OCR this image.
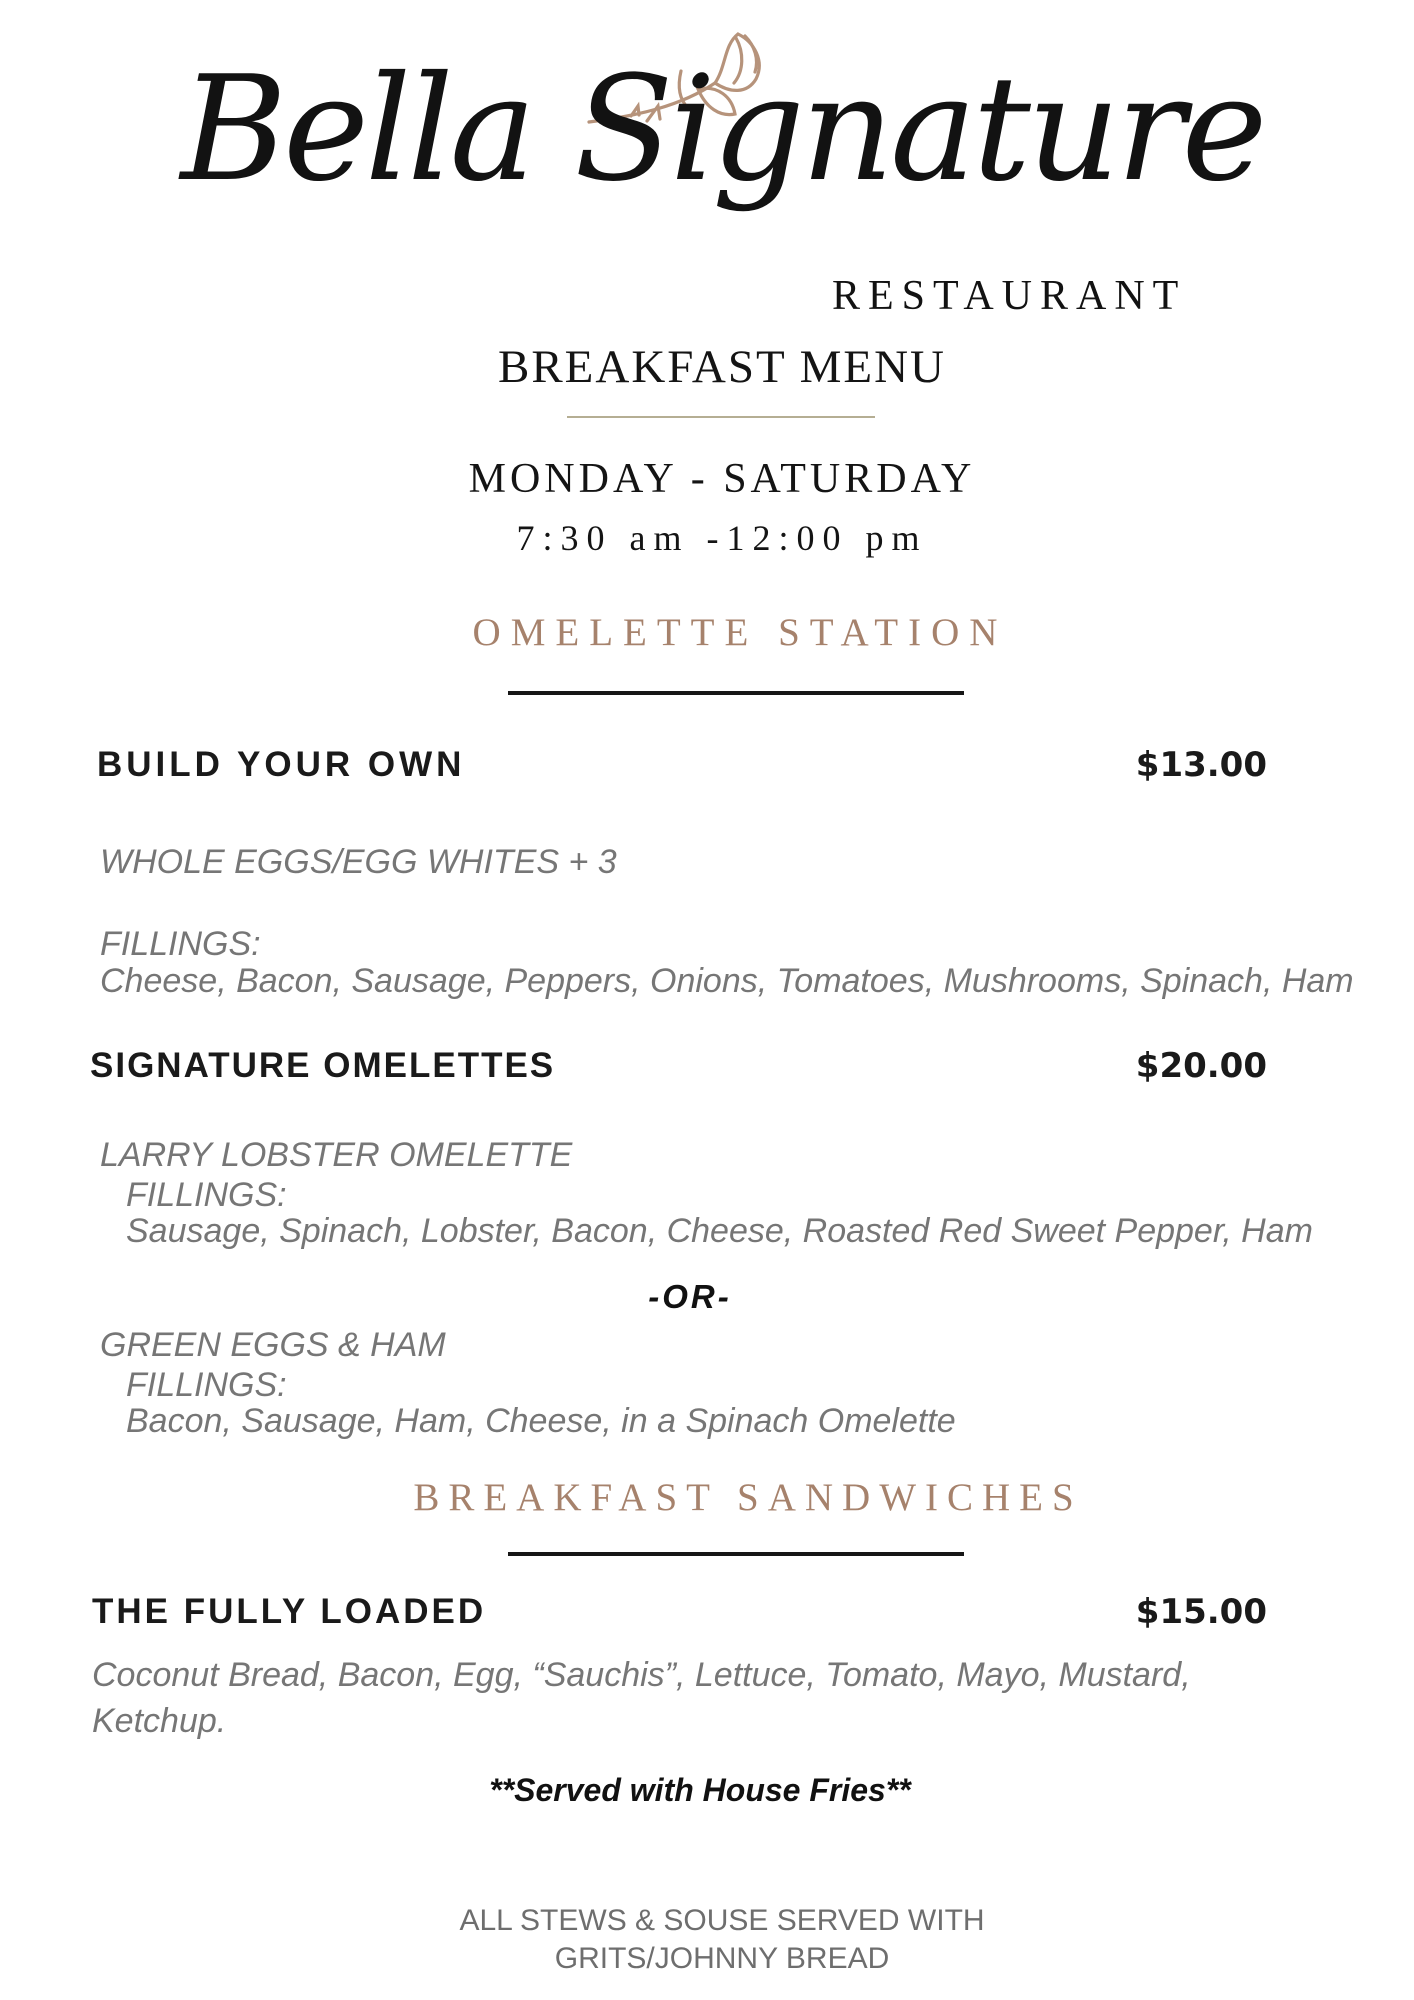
Bella Signature
RESTAURANT
BREAKFAST MENU
MONDAY - SATURDAY
7:30 am -12:00 pm
OMELETTE STATION
BUILD YOUR OWN	$13.00
WHOLE EGGS/EGG WHITES + 3
FILLINGS:
Cheese, Bacon, Sausage, Peppers, Onions, Tomatoes, Mushrooms, Spinach, Ham
SIGNATURE OMELETTES	$20.00
LARRY LOBSTER OMELETTE
FILLINGS:
Sausage, Spinach, Lobster, Bacon, Cheese, Roasted Red Sweet Pepper, Ham
-OR-
GREEN EGGS & HAM
FILLINGS:
Bacon, Sausage, Ham, Cheese, in a Spinach Omelette
BREAKFAST SANDWICHES
THE FULLY LOADED	$15.00
Coconut Bread, Bacon, Egg, “Sauchis”, Lettuce, Tomato, Mayo, Mustard, Ketchup.
**Served with House Fries**
ALL STEWS & SOUSE SERVED WITH
GRITS/JOHNNY BREAD
